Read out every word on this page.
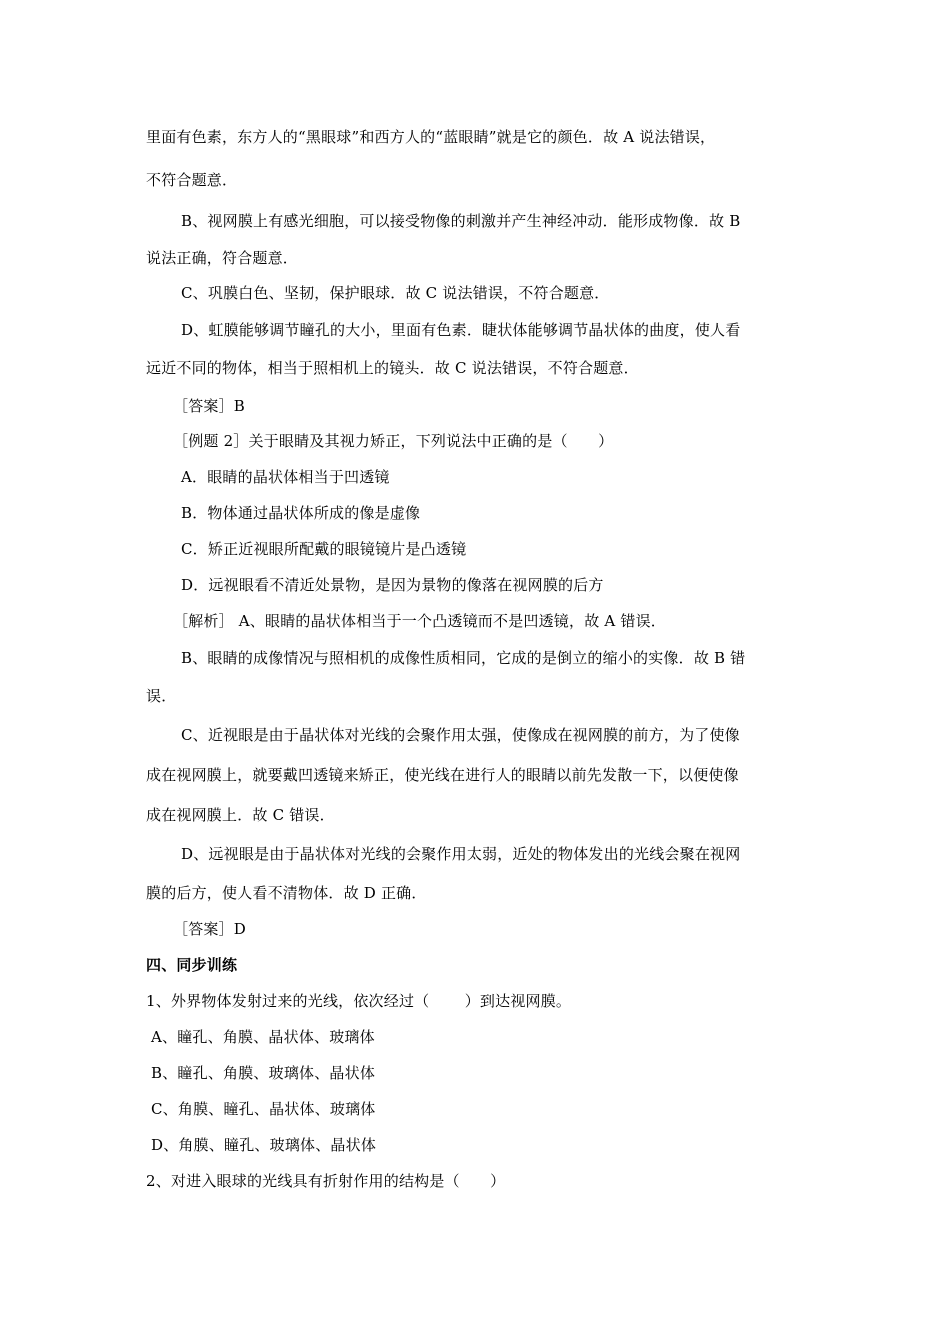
里面有色素，东方人的“黑眼球”和西方人的“蓝眼睛”就是它的颜色．故 A 说法错误，
不符合题意．
B、视网膜上有感光细胞，可以接受物像的刺激并产生神经冲动．能形成物像．故 B
说法正确，符合题意．
C、巩膜白色、坚韧，保护眼球．故 C 说法错误，不符合题意．
D、虹膜能够调节瞳孔的大小，里面有色素．睫状体能够调节晶状体的曲度，使人看
远近不同的物体，相当于照相机上的镜头．故 C 说法错误，不符合题意．
［答案］B
［例题 2］关于眼睛及其视力矫正，下列说法中正确的是（　　）
A．眼睛的晶状体相当于凹透镜
B．物体通过晶状体所成的像是虚像
C．矫正近视眼所配戴的眼镜镜片是凸透镜
D．远视眼看不清近处景物，是因为景物的像落在视网膜的后方
［解析］ A、眼睛的晶状体相当于一个凸透镜而不是凹透镜，故 A 错误．
B、眼睛的成像情况与照相机的成像性质相同，它成的是倒立的缩小的实像．故 B 错
误．
C、近视眼是由于晶状体对光线的会聚作用太强，使像成在视网膜的前方，为了使像
成在视网膜上，就要戴凹透镜来矫正，使光线在进行人的眼睛以前先发散一下，以便使像
成在视网膜上．故 C 错误．
D、远视眼是由于晶状体对光线的会聚作用太弱，近处的物体发出的光线会聚在视网
膜的后方，使人看不清物体．故 D 正确．
［答案］D
四、同步训练
1、外界物体发射过来的光线，依次经过（　　 ）到达视网膜。
A、瞳孔、角膜、晶状体、玻璃体
B、瞳孔、角膜、玻璃体、晶状体
C、角膜、瞳孔、晶状体、玻璃体
D、角膜、瞳孔、玻璃体、晶状体
2、对进入眼球的光线具有折射作用的结构是（　　）
